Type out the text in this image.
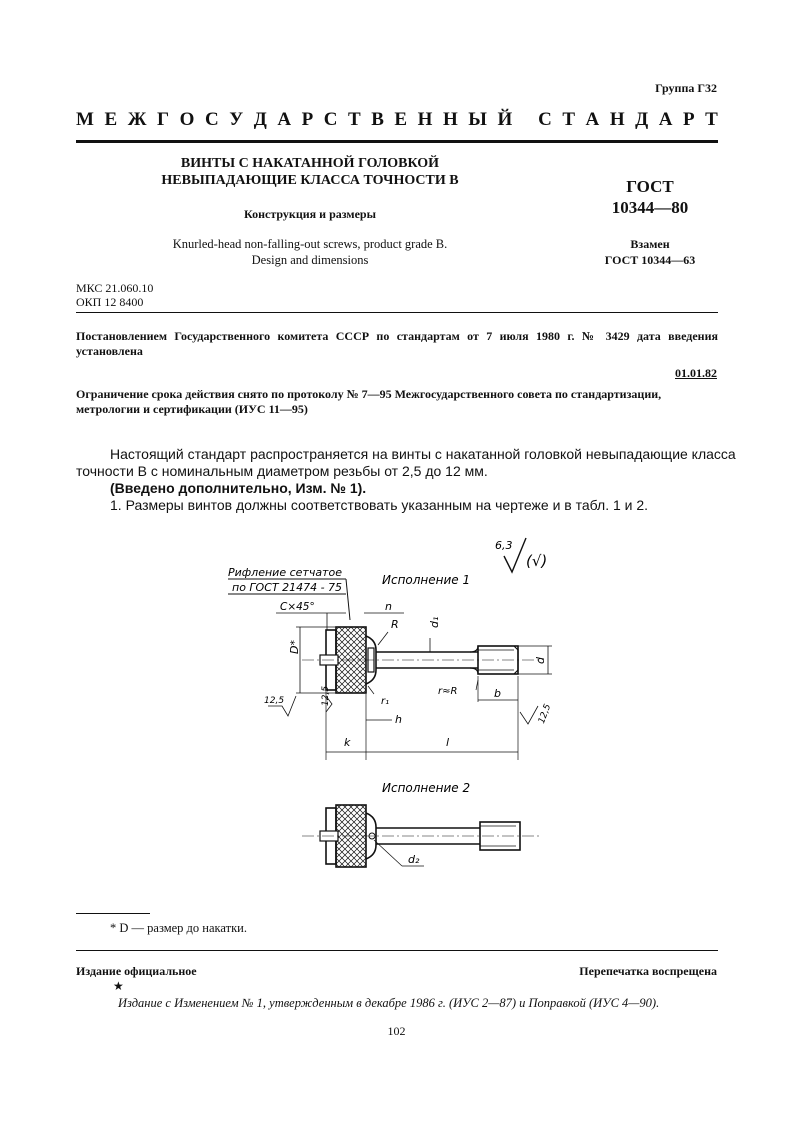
Группа Г32
М Е Ж Г О С У Д А Р С Т В Е Н Н Ы Й
С Т А Н Д А Р Т
ВИНТЫ С НАКАТАННОЙ ГОЛОВКОЙ
НЕВЫПАДАЮЩИЕ КЛАССА ТОЧНОСТИ В
Конструкция и размеры
Knurled-head non-falling-out screws, product grade B.
Design and dimensions
ГОСТ
10344—80
Взамен
ГОСТ 10344—63
МКС 21.060.10
ОКП 12 8400
Постановлением Государственного комитета СССР по стандартам от 7 июля 1980 г. № 3429 дата введения установлена
01.01.82
Ограничение срока действия снято по протоколу № 7—95 Межгосударственного совета по стандартизации, метрологии и сертификации (ИУС 11—95)
Настоящий стандарт распространяется на винты с накатанной головкой невыпадающие класса
точности В с номинальным диаметром резьбы от 2,5 до 12 мм.
(Введено дополнительно, Изм. № 1).
1. Размеры винтов должны соответствовать указанным на чертеже и в табл. 1 и 2.
6,3
(√)
Рифление сетчатое
по ГОСТ 21474 - 75
Исполнение 1
C×45°	n
D*
R	d₁
d
r≈R	b
12,5	12,5
12,5
r₁
h
k	l
Исполнение 2
d₂
* D — размер до накатки.
Издание официальное	Перепечатка воспрещена
★
Издание с Изменением № 1, утвержденным в декабре 1986 г. (ИУС 2—87) и Поправкой (ИУС 4—90).
102
